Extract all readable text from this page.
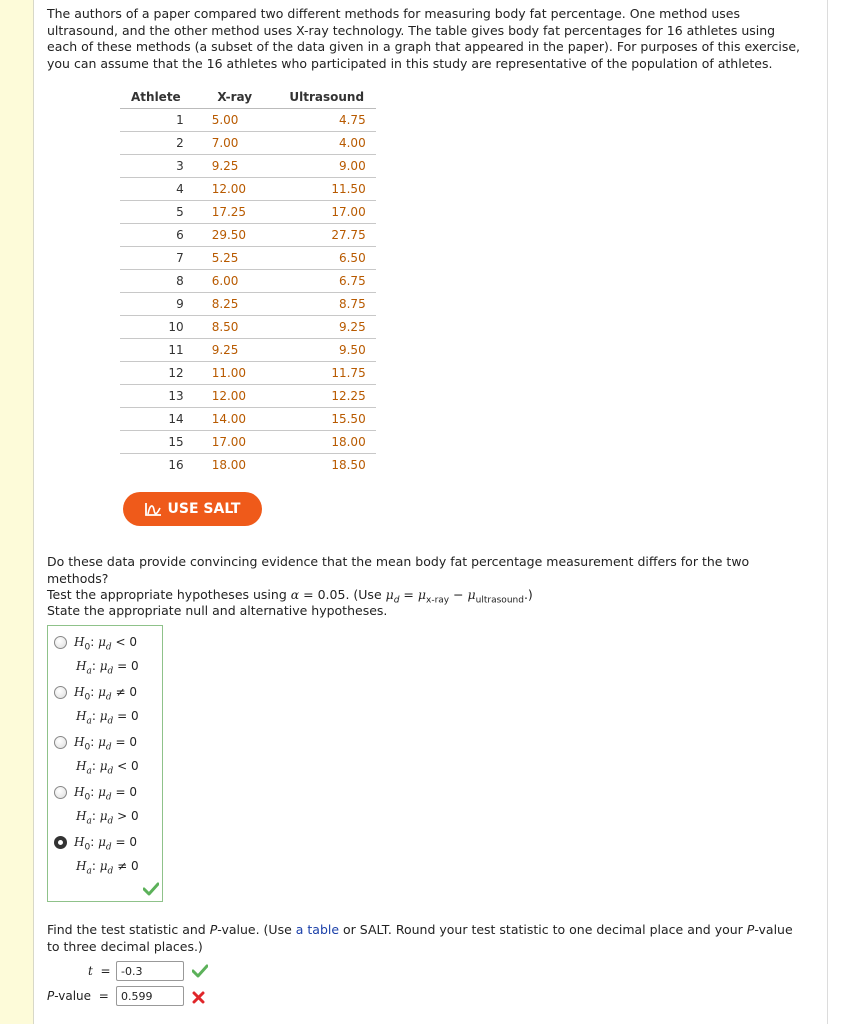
The authors of a paper compared two different methods for measuring body fat percentage. One method uses ultrasound, and the other method uses X-ray technology. The table gives body fat percentages for 16 athletes using each of these methods (a subset of the data given in a graph that appeared in the paper). For purposes of this exercise, you can assume that the 16 athletes who participated in this study are representative of the population of athletes.

Athlete	X-ray	Ultrasound
1	5.00	4.75
2	7.00	4.00
3	9.25	9.00
4	12.00	11.50
5	17.25	17.00
6	29.50	27.75
7	5.25	6.50
8	6.00	6.75
9	8.25	8.75
10	8.50	9.25
11	9.25	9.50
12	11.00	11.75
13	12.00	12.25
14	14.00	15.50
15	17.00	18.00
16	18.00	18.50
USE SALT

Do these data provide convincing evidence that the mean body fat percentage measurement differs for the two methods?
Test the appropriate hypotheses using α = 0.05. (Use $\mu_d = \mu_{x-ray} - \mu_{ultrasound}$.)

State the appropriate null and alternative hypotheses.

$H_0$: $\mu_d < 0$
$H_a$: $\mu_d = 0$
$H_0$: $\mu_d \ne 0$
$H_a$: $\mu_d = 0$
$H_0$: $\mu_d = 0$
$H_a$: $\mu_d < 0$
$H_0$: $\mu_d = 0$
$H_a$: $\mu_d > 0$
$H_0$: $\mu_d = 0$
$H_a$: $\mu_d \ne 0$

Find the test statistic and P-value. (Use a table or SALT. Round your test statistic to one decimal place and your P-value to three decimal places.)

t =
-0.3
P-value =
0.599
